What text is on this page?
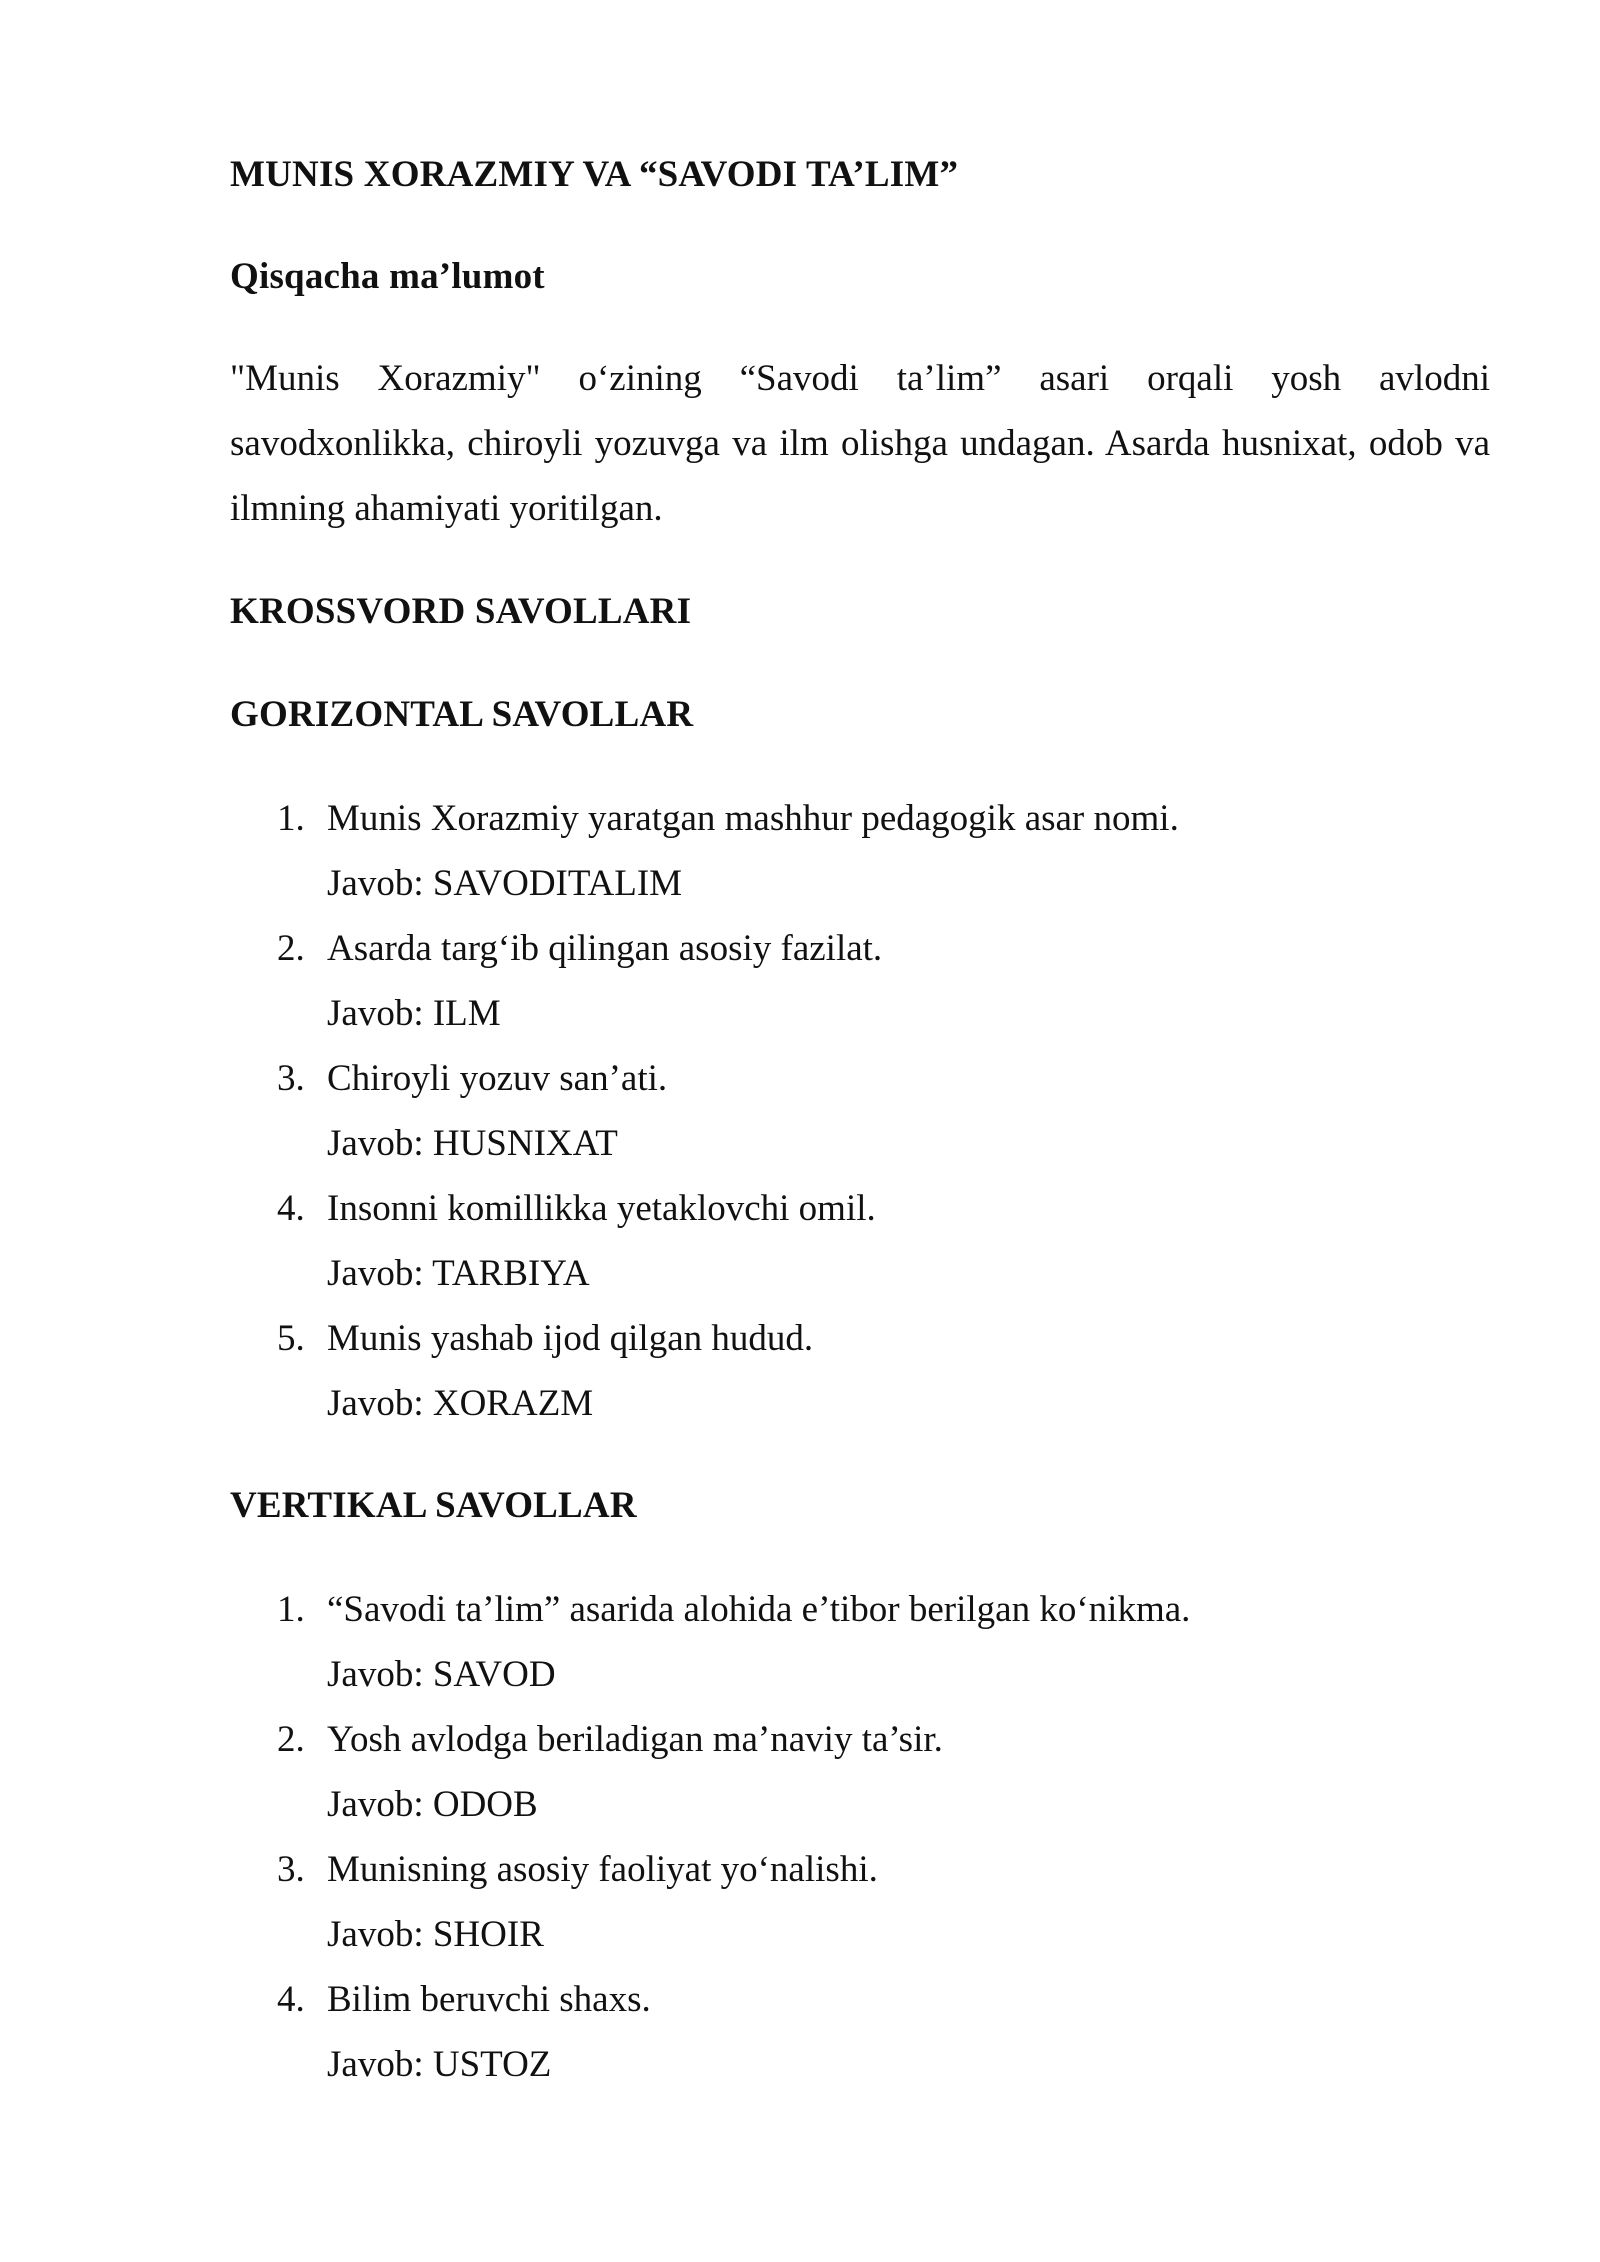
MUNIS XORAZMIY VA “SAVODI TA’LIM”
Qisqacha ma’lumot
"Munis Xorazmiy" o‘zining “Savodi ta’lim” asari orqali yosh avlodni savodxonlikka, chiroyli yozuvga va ilm olishga undagan. Asarda husnixat, odob va ilmning ahamiyati yoritilgan.
KROSSVORD SAVOLLARI
GORIZONTAL SAVOLLAR
1. Munis Xorazmiy yaratgan mashhur pedagogik asar nomi.
Javob: SAVODITALIM
2. Asarda targ‘ib qilingan asosiy fazilat.
Javob: ILM
3. Chiroyli yozuv san’ati.
Javob: HUSNIXAT
4. Insonni komillikka yetaklovchi omil.
Javob: TARBIYA
5. Munis yashab ijod qilgan hudud.
Javob: XORAZM
VERTIKAL SAVOLLAR
1. “Savodi ta’lim” asarida alohida e’tibor berilgan ko‘nikma.
Javob: SAVOD
2. Yosh avlodga beriladigan ma’naviy ta’sir.
Javob: ODOB
3. Munisning asosiy faoliyat yo‘nalishi.
Javob: SHOIR
4. Bilim beruvchi shaxs.
Javob: USTOZ
